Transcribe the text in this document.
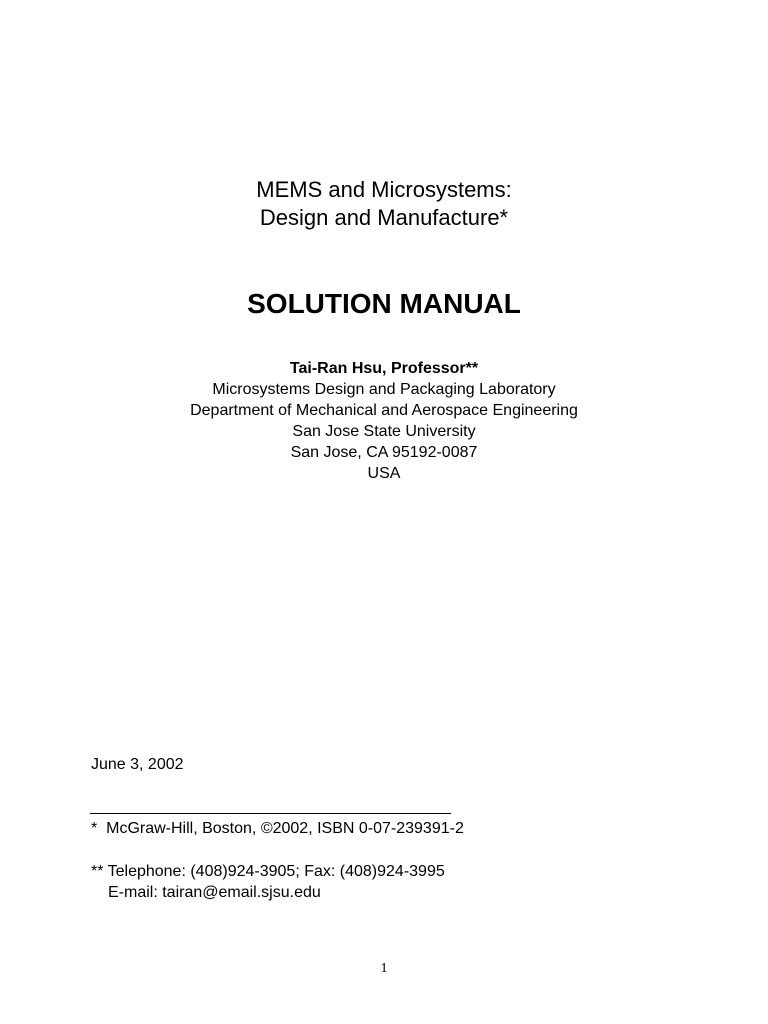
MEMS and Microsystems:
Design and Manufacture*
SOLUTION MANUAL
Tai-Ran Hsu, Professor**
Microsystems Design and Packaging Laboratory
Department of Mechanical and Aerospace Engineering
San Jose State University
San Jose, CA 95192-0087
USA
June 3, 2002
*  McGraw-Hill, Boston, ©2002, ISBN 0-07-239391-2
** Telephone: (408)924-3905; Fax: (408)924-3995
E-mail: tairan@email.sjsu.edu
1
